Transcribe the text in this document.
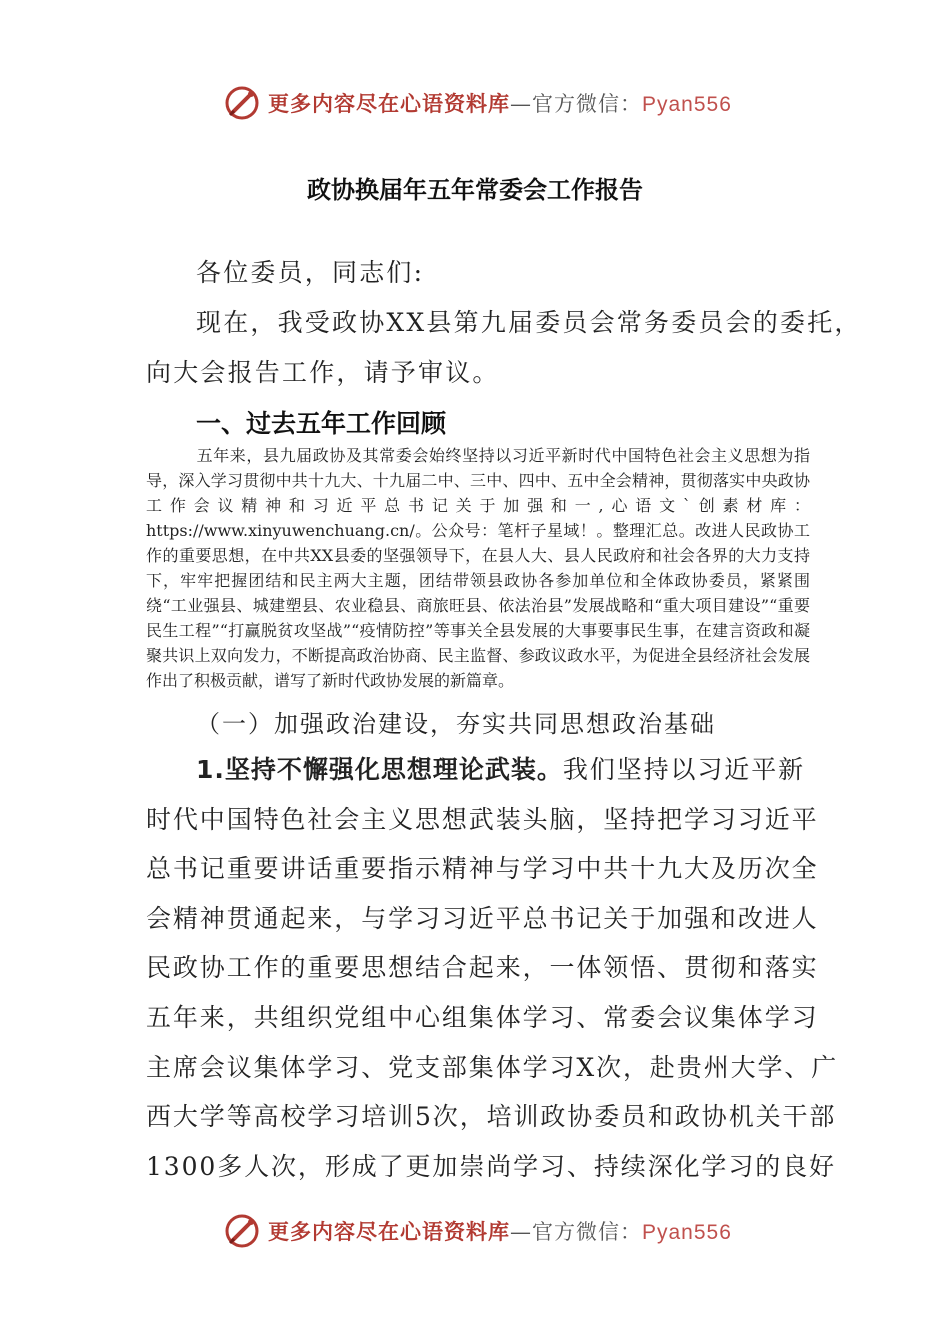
更多内容尽在心语资料库—官方微信：Pyan556
政协换届年五年常委会工作报告
各位委员，同志们:
现在，我受政协XX县第九届委员会常务委员会的委托，
向大会报告工作，请予审议。
一、过去五年工作回顾
五年来，县九届政协及其常委会始终坚持以习近平新时代中国特色社会主义思想为指导，深入学习贯彻中共十九大、十九届二中、三中、四中、五中全会精神，贯彻落实中央政协工作会议精神和习近平总书记关于加强和一,心语文`创素材库：https://www.xinyuwenchuang.cn/。公众号：笔杆子星域！。整理汇总。改进人民政协工作的重要思想，在中共XX县委的坚强领导下，在县人大、县人民政府和社会各界的大力支持下，牢牢把握团结和民主两大主题，团结带领县政协各参加单位和全体政协委员，紧紧围绕“工业强县、城建塑县、农业稳县、商旅旺县、依法治县”发展战略和“重大项目建设”“重要民生工程”“打赢脱贫攻坚战”“疫情防控”等事关全县发展的大事要事民生事，在建言资政和凝聚共识上双向发力，不断提高政治协商、民主监督、参政议政水平，为促进全县经济社会发展作出了积极贡献，谱写了新时代政协发展的新篇章。
（一）加强政治建设，夯实共同思想政治基础
1.坚持不懈强化思想理论武装。我们坚持以习近平新
时代中国特色社会主义思想武装头脑，坚持把学习习近平
总书记重要讲话重要指示精神与学习中共十九大及历次全
会精神贯通起来，与学习习近平总书记关于加强和改进人
民政协工作的重要思想结合起来，一体领悟、贯彻和落实
五年来，共组织党组中心组集体学习、常委会议集体学习
主席会议集体学习、党支部集体学习X次，赴贵州大学、广
西大学等高校学习培训5次，培训政协委员和政协机关干部
1300多人次，形成了更加崇尚学习、持续深化学习的良好
更多内容尽在心语资料库—官方微信：Pyan556
